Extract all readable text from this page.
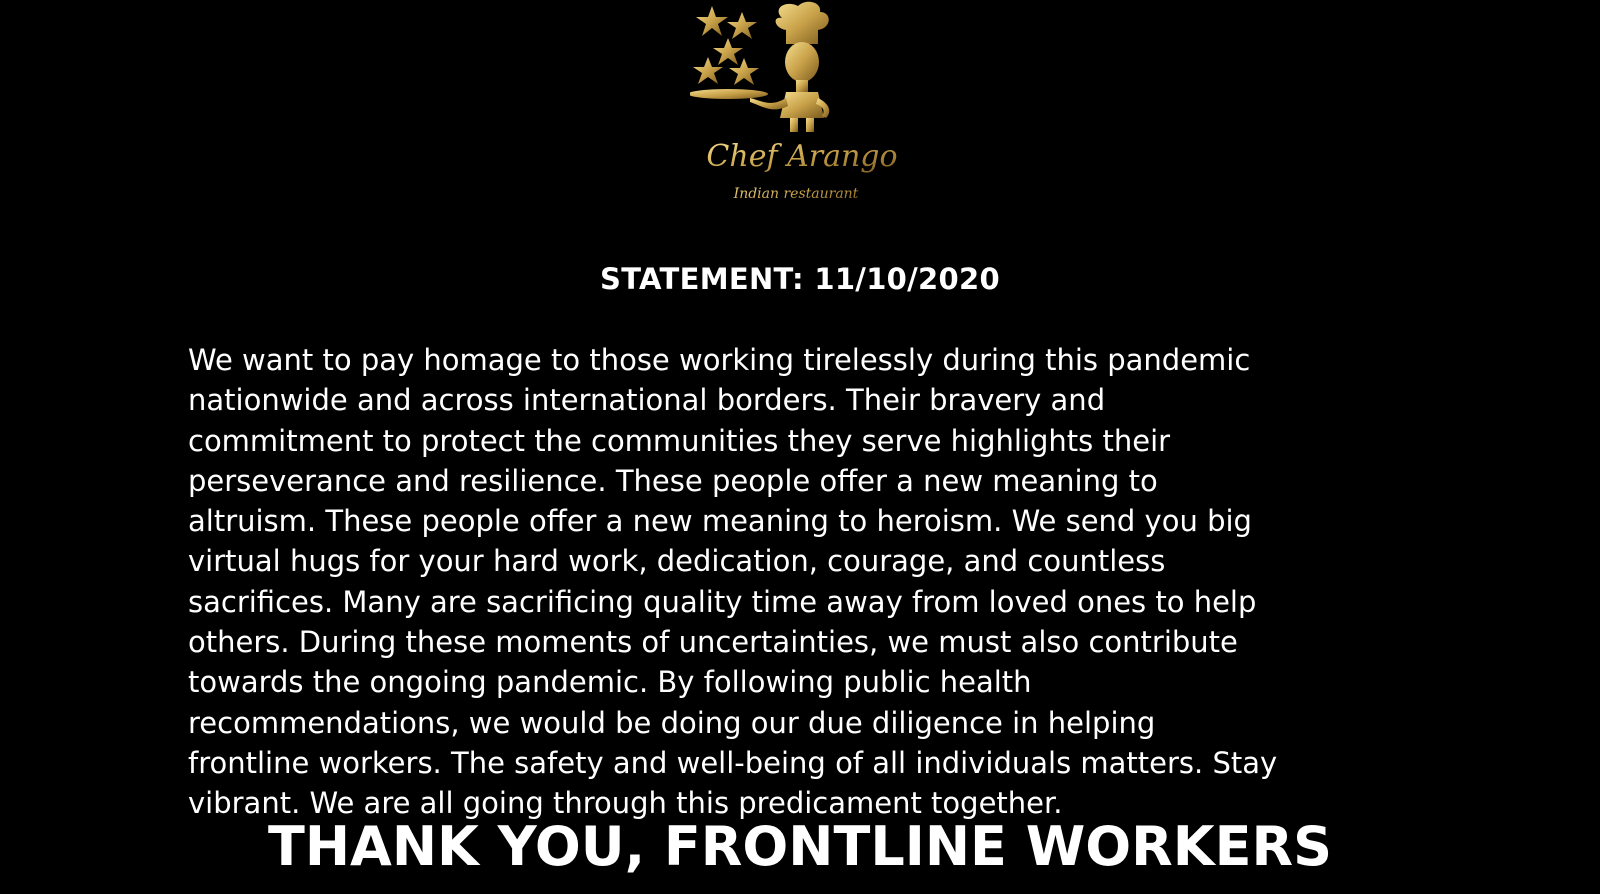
Chef Arango
Indian restaurant
STATEMENT: 11/10/2020

We want to pay homage to those working tirelessly during this pandemic
nationwide and across international borders. Their bravery and
commitment to protect the communities they serve highlights their
perseverance and resilience. These people offer a new meaning to
altruism. These people offer a new meaning to heroism. We send you big
virtual hugs for your hard work, dedication, courage, and countless
sacrifices. Many are sacrificing quality time away from loved ones to help
others. During these moments of uncertainties, we must also contribute
towards the ongoing pandemic. By following public health
recommendations, we would be doing our due diligence in helping
frontline workers. The safety and well-being of all individuals matters. Stay
vibrant. We are all going through this predicament together.

THANK YOU, FRONTLINE WORKERS
